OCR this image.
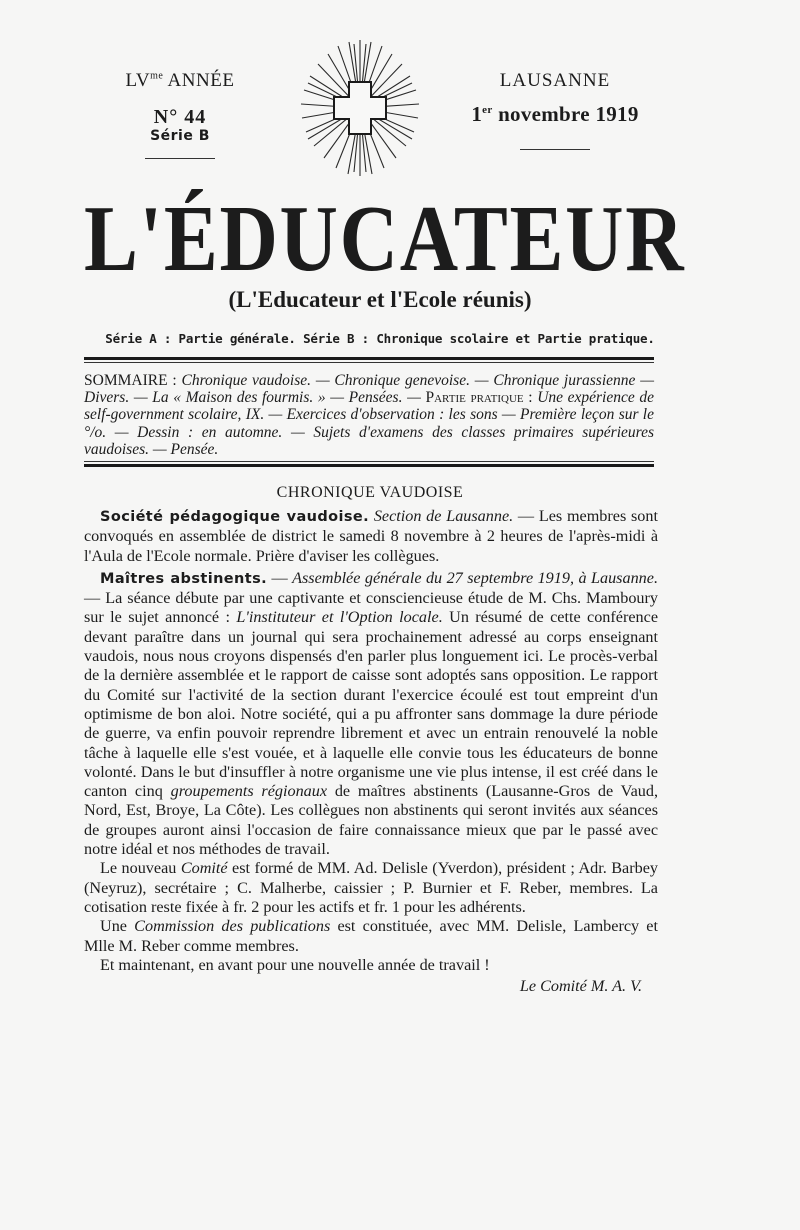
$LV^{me}$ ANNÉE
N° 44
Série B
LAUSANNE
1er novembre 1919
L'ÉDUCATEUR
(L'Educateur et l'Ecole réunis)
Série A : Partie générale. Série B : Chronique scolaire et Partie pratique.
SOMMAIRE : Chronique vaudoise. — Chronique genevoise. — Chronique jurassienne — Divers. — La « Maison des fourmis. » — Pensées. — Partie pratique : Une expérience de self-government scolaire, IX. — Exercices d'observation : les sons — Première leçon sur le °/o. — Dessin : en automne. — Sujets d'examens des classes primaires supérieures vaudoises. — Pensée.
CHRONIQUE VAUDOISE

Société pédagogique vaudoise. Section de Lausanne. — Les membres sont convoqués en assemblée de district le samedi 8 novembre à 2 heures de l'après-midi à l'Aula de l'Ecole normale. Prière d'aviser les collègues.

Maîtres abstinents. — Assemblée générale du 27 septembre 1919, à Lausanne. — La séance débute par une captivante et consciencieuse étude de M. Chs. Mamboury sur le sujet annoncé : L'instituteur et l'Option locale. Un résumé de cette conférence devant paraître dans un journal qui sera prochainement adressé au corps enseignant vaudois, nous nous croyons dispensés d'en parler plus longuement ici. Le procès-verbal de la dernière assemblée et le rapport de caisse sont adoptés sans opposition. Le rapport du Comité sur l'activité de la section durant l'exercice écoulé est tout empreint d'un optimisme de bon aloi. Notre société, qui a pu affronter sans dommage la dure période de guerre, va enfin pouvoir reprendre librement et avec un entrain renouvelé la noble tâche à laquelle elle s'est vouée, et à laquelle elle convie tous les éducateurs de bonne volonté. Dans le but d'insuffler à notre organisme une vie plus intense, il est créé dans le canton cinq groupements régionaux de maîtres abstinents (Lausanne-Gros de Vaud, Nord, Est, Broye, La Côte). Les collègues non abstinents qui seront invités aux séances de groupes auront ainsi l'occasion de faire connaissance mieux que par le passé avec notre idéal et nos méthodes de travail.

Le nouveau Comité est formé de MM. Ad. Delisle (Yverdon), président ; Adr. Barbey (Neyruz), secrétaire ; C. Malherbe, caissier ; P. Burnier et F. Reber, membres. La cotisation reste fixée à fr. 2 pour les actifs et fr. 1 pour les adhérents.

Une Commission des publications est constituée, avec MM. Delisle, Lambercy et Mlle M. Reber comme membres.

Et maintenant, en avant pour une nouvelle année de travail !

Le Comité M. A. V.
